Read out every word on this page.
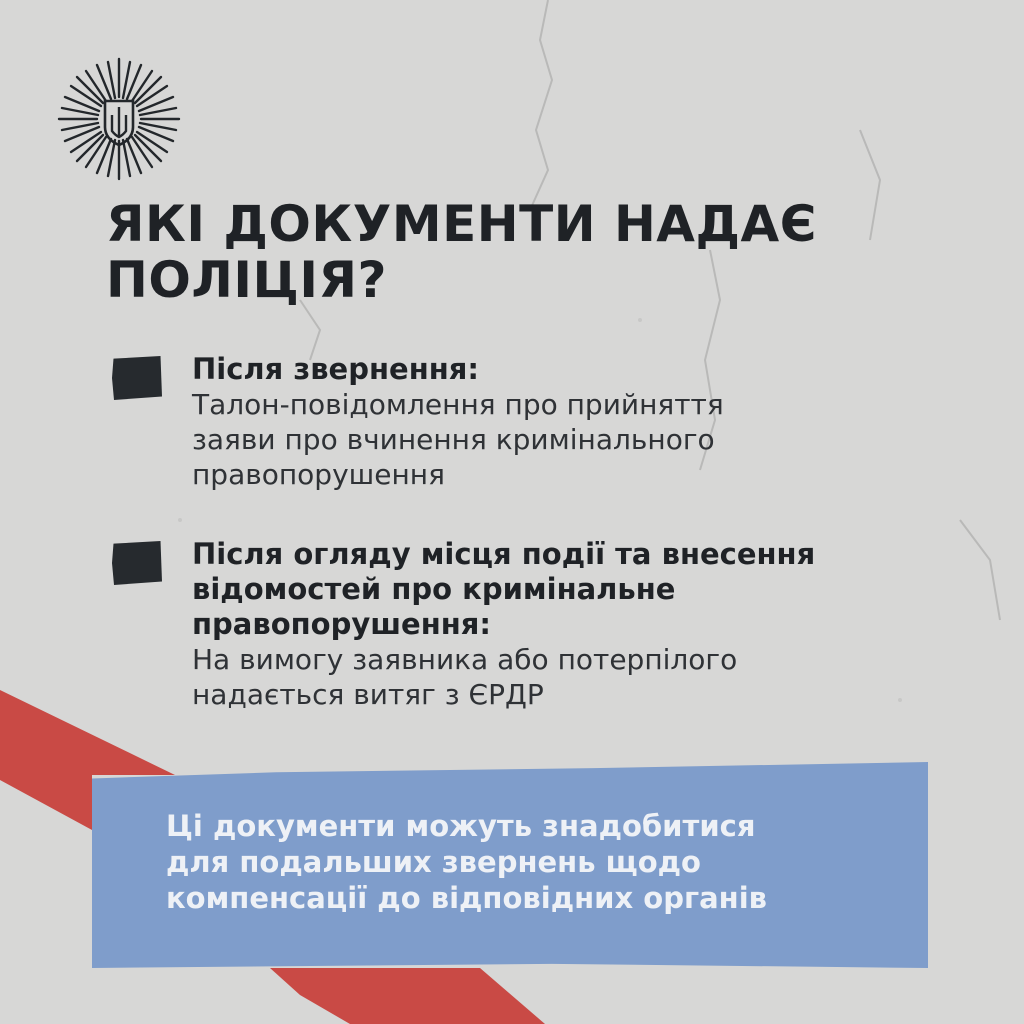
ЯКІ ДОКУМЕНТИ НАДАЄ
ПОЛІЦІЯ?
Після звернення:
Талон-повідомлення про прийняття
заяви про вчинення кримінального
правопорушення
Після огляду місця події та внесення
відомостей про кримінальне
правопорушення:
На вимогу заявника або потерпілого
надається витяг з ЄРДР
Ці документи можуть знадобитися
для подальших звернень щодо
компенсації до відповідних органів
